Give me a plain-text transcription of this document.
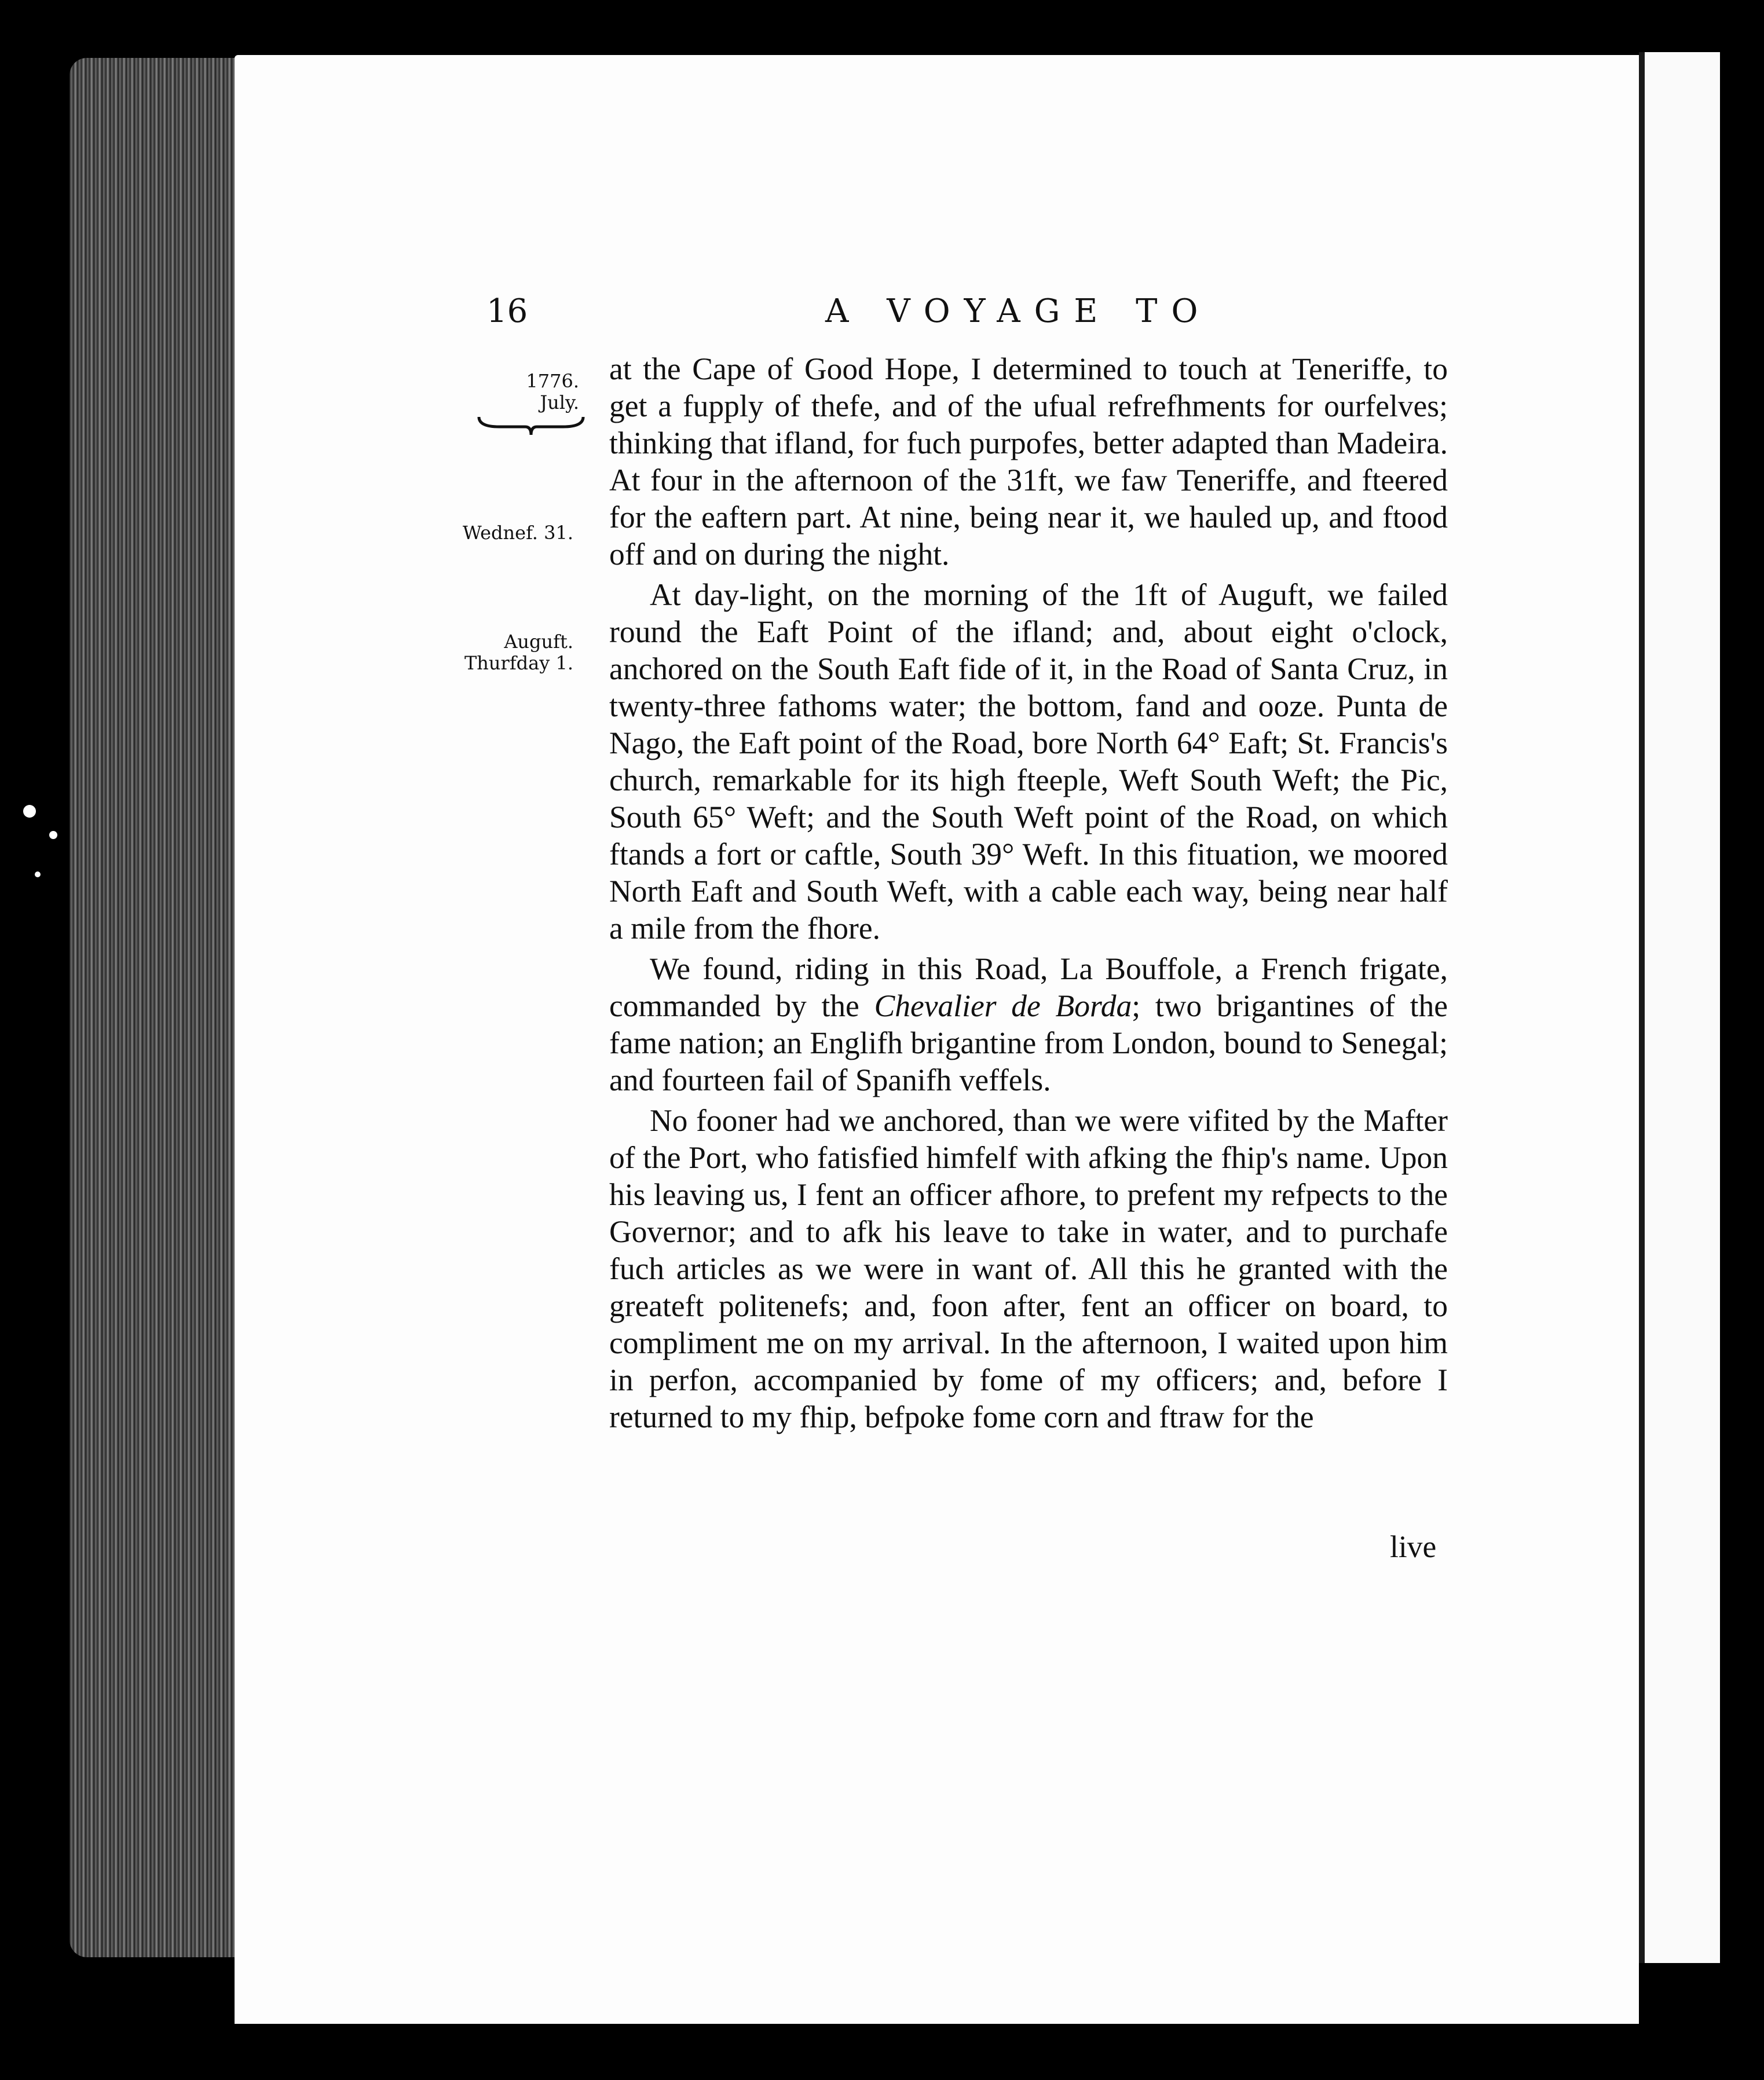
16	A VOYAGE TO
1776.
July.
Wednef. 31.
Auguft.
Thurfday 1.

at the Cape of Good Hope, I determined to touch at Teneriffe, to get a fupply of thefe, and of the ufual refrefhments for ourfelves; thinking that ifland, for fuch purpofes, better adapted than Madeira. At four in the afternoon of the 31ft, we faw Teneriffe, and fteered for the eaftern part. At nine, being near it, we hauled up, and ftood off and on during the night.

At day-light, on the morning of the 1ft of Auguft, we failed round the Eaft Point of the ifland; and, about eight o'clock, anchored on the South Eaft fide of it, in the Road of Santa Cruz, in twenty-three fathoms water; the bottom, fand and ooze. Punta de Nago, the Eaft point of the Road, bore North 64° Eaft; St. Francis's church, remarkable for its high fteeple, Weft South Weft; the Pic, South 65° Weft; and the South Weft point of the Road, on which ftands a fort or caftle, South 39° Weft. In this fituation, we moored North Eaft and South Weft, with a cable each way, being near half a mile from the fhore.

We found, riding in this Road, La Bouffole, a French frigate, commanded by the Chevalier de Borda; two brigantines of the fame nation; an Englifh brigantine from London, bound to Senegal; and fourteen fail of Spanifh veffels.

No fooner had we anchored, than we were vifited by the Mafter of the Port, who fatisfied himfelf with afking the fhip's name. Upon his leaving us, I fent an officer afhore, to prefent my refpects to the Governor; and to afk his leave to take in water, and to purchafe fuch articles as we were in want of. All this he granted with the greateft politenefs; and, foon after, fent an officer on board, to compliment me on my arrival. In the afternoon, I waited upon him in perfon, accompanied by fome of my officers; and, before I returned to my fhip, befpoke fome corn and ftraw for the

live
